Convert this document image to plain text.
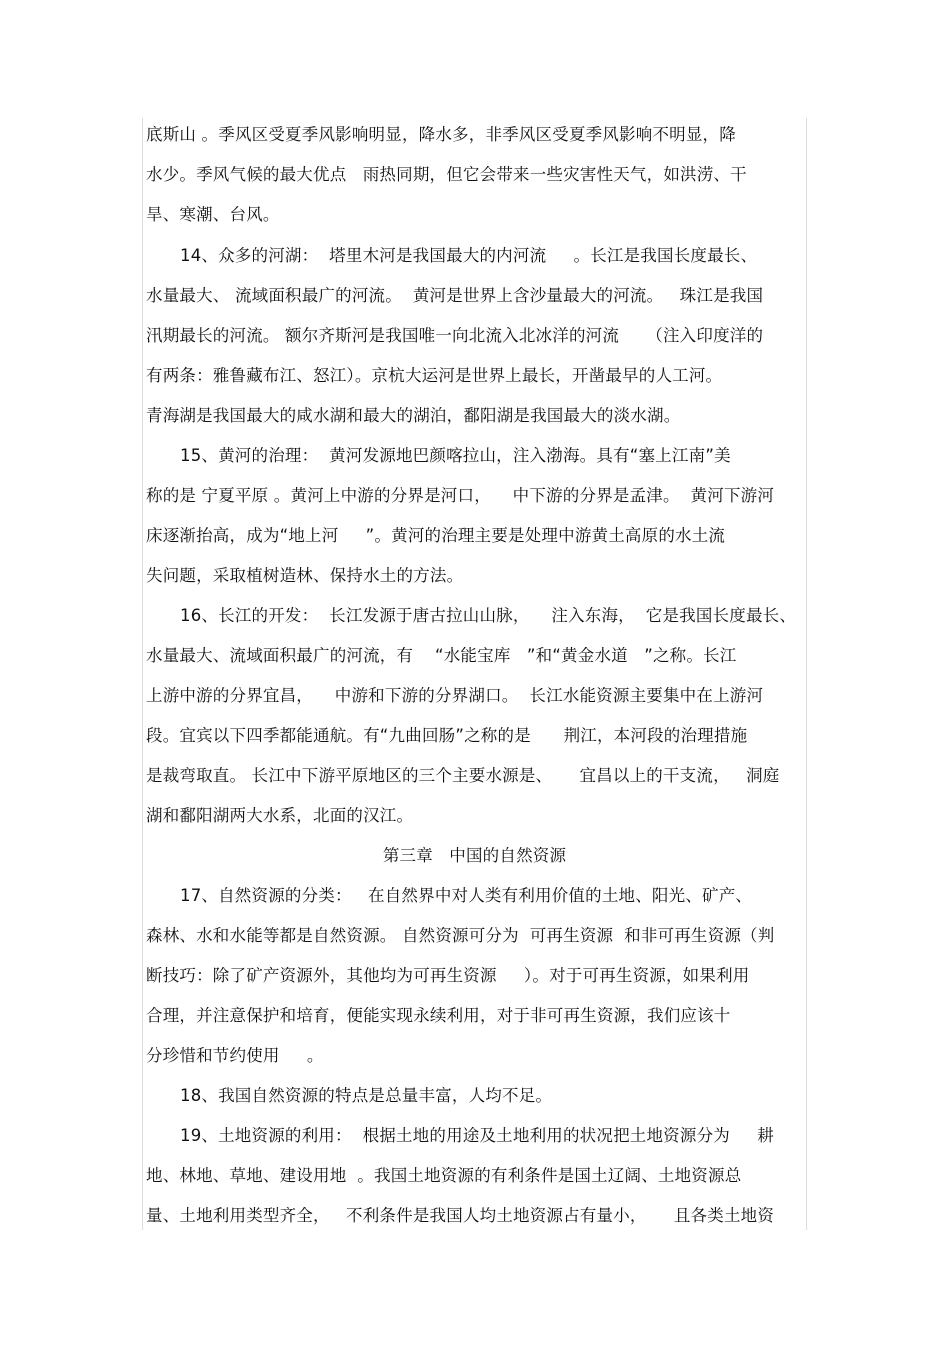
底斯山 。季风区受夏季风影响明显，降水多，非季风区受夏季风影响不明显，降
水少。季风气候的最大优点   雨热同期，但它会带来一些灾害性天气，如洪涝、干
旱、寒潮、台风。
14、众多的河湖：  塔里木河是我国最大的内河流     。长江是我国长度最长、
水量最大、 流域面积最广的河流。  黄河是世界上含沙量最大的河流。   珠江是我国
汛期最长的河流。 额尔齐斯河是我国唯一向北流入北冰洋的河流     （注入印度洋的
有两条：雅鲁藏布江、怒江）。京杭大运河是世界上最长，开凿最早的人工河。
青海湖是我国最大的咸水湖和最大的湖泊，鄱阳湖是我国最大的淡水湖。
15、黄河的治理：  黄河发源地巴颜喀拉山，注入渤海。具有“塞上江南”美
称的是 宁夏平原 。黄河上中游的分界是河口，    中下游的分界是孟津。  黄河下游河
床逐渐抬高，成为“地上河     ”。黄河的治理主要是处理中游黄土高原的水土流
失问题，采取植树造林、保持水土的方法。
16、长江的开发：  长江发源于唐古拉山山脉，    注入东海，  它是我国长度最长、
水量最大、流域面积最广的河流，有    “水能宝库   ”和“黄金水道   ”之称。长江
上游中游的分界宜昌，    中游和下游的分界湖口。  长江水能资源主要集中在上游河
段。宜宾以下四季都能通航。有“九曲回肠”之称的是      荆江，本河段的治理措施
是裁弯取直。 长江中下游平原地区的三个主要水源是、     宜昌以上的干支流，   洞庭
湖和鄱阳湖两大水系，北面的汉江。
第三章   中国的自然资源
17、自然资源的分类：   在自然界中对人类有利用价值的土地、阳光、矿产、
森林、水和水能等都是自然资源。 自然资源可分为  可再生资源  和非可再生资源（判
断技巧：除了矿产资源外，其他均为可再生资源     ）。对于可再生资源，如果利用
合理，并注意保护和培育，便能实现永续利用，对于非可再生资源，我们应该十
分珍惜和节约使用     。
18、我国自然资源的特点是总量丰富，人均不足。
19、土地资源的利用：  根据土地的用途及土地利用的状况把土地资源分为     耕
地、林地、草地、建设用地  。我国土地资源的有利条件是国土辽阔、土地资源总
量、土地利用类型齐全，   不利条件是我国人均土地资源占有量小，     且各类土地资
